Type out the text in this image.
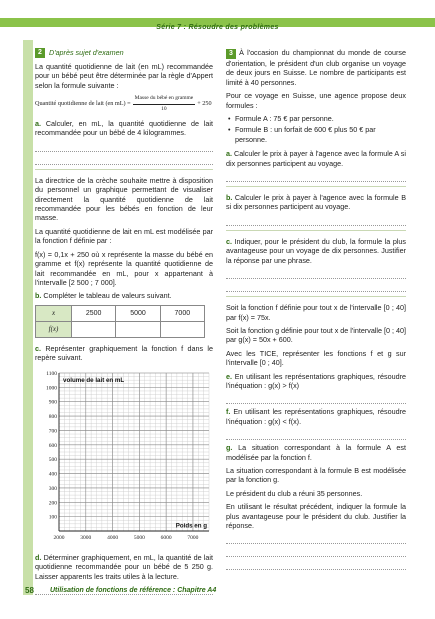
Série 7 : Résoudre des problèmes
2 D'après sujet d'examen

La quantité quotidienne de lait (en mL) recommandée pour un bébé peut être déterminée par la règle d'Appert selon la formule suivante :

Quantité quotidienne de lait (en $mL) = \frac{\text{Masse du bébé en gramme}}{10} + 250$

a. Calculer, en mL, la quantité quotidienne de lait recommandée pour un bébé de 4 kilogrammes.

La directrice de la crèche souhaite mettre à disposition du personnel un graphique permettant de visualiser directement la quantité quotidienne de lait recommandée pour les bébés en fonction de leur masse.

La quantité quotidienne de lait en mL est modélisée par la fonction f définie par :

f(x) = 0,1x + 250 où x représente la masse du bébé en gramme et f(x) représente la quantité quotidienne de lait recommandée en mL, pour x appartenant à l'intervalle [2 500 ; 7 000].

b. Compléter le tableau de valeurs suivant.

x	2500	5000	7000
f(x)			

c. Représenter graphiquement la fonction f dans le repère suivant.

100
200
300
400
500
600
700
800
900
1000
1100
2000	3000	4000	5000	6000	7000
volume de lait en mL
Poids en g

d. Déterminer graphiquement, en mL, la quantité de lait quotidienne recommandée pour un bébé de 5 250 g. Laisser apparents les traits utiles à la lecture.

3 À l'occasion du championnat du monde de course d'orientation, le président d'un club organise un voyage de deux jours en Suisse. Le nombre de participants est limité à 40 personnes.

Pour ce voyage en Suisse, une agence propose deux formules :

• Formule A : 75 € par personne.
• Formule B : un forfait de 600 € plus 50 € par personne.

a. Calculer le prix à payer à l'agence avec la formule A si dix personnes participent au voyage.

b. Calculer le prix à payer à l'agence avec la formule B si dix personnes participent au voyage.

c. Indiquer, pour le président du club, la formule la plus avantageuse pour un voyage de dix personnes. Justifier la réponse par une phrase.

Soit la fonction f définie pour tout x de l'intervalle [0 ; 40] par f(x) = 75x.

Soit la fonction g définie pour tout x de l'intervalle [0 ; 40] par g(x) = 50x + 600.

Avec les TICE, représenter les fonctions f et g sur l'intervalle [0 ; 40].

e. En utilisant les représentations graphiques, résoudre l'inéquation : g(x) > f(x)

f. En utilisant les représentations graphiques, résoudre l'inéquation : g(x) < f(x).

g. La situation correspondant à la formule A est modélisée par la fonction f.

La situation correspondant à la formule B est modélisée par la fonction g.

Le président du club a réuni 35 personnes.

En utilisant le résultat précédent, indiquer la formule la plus avantageuse pour le président du club. Justifier la réponse.

58 Utilisation de fonctions de référence : Chapitre A4
